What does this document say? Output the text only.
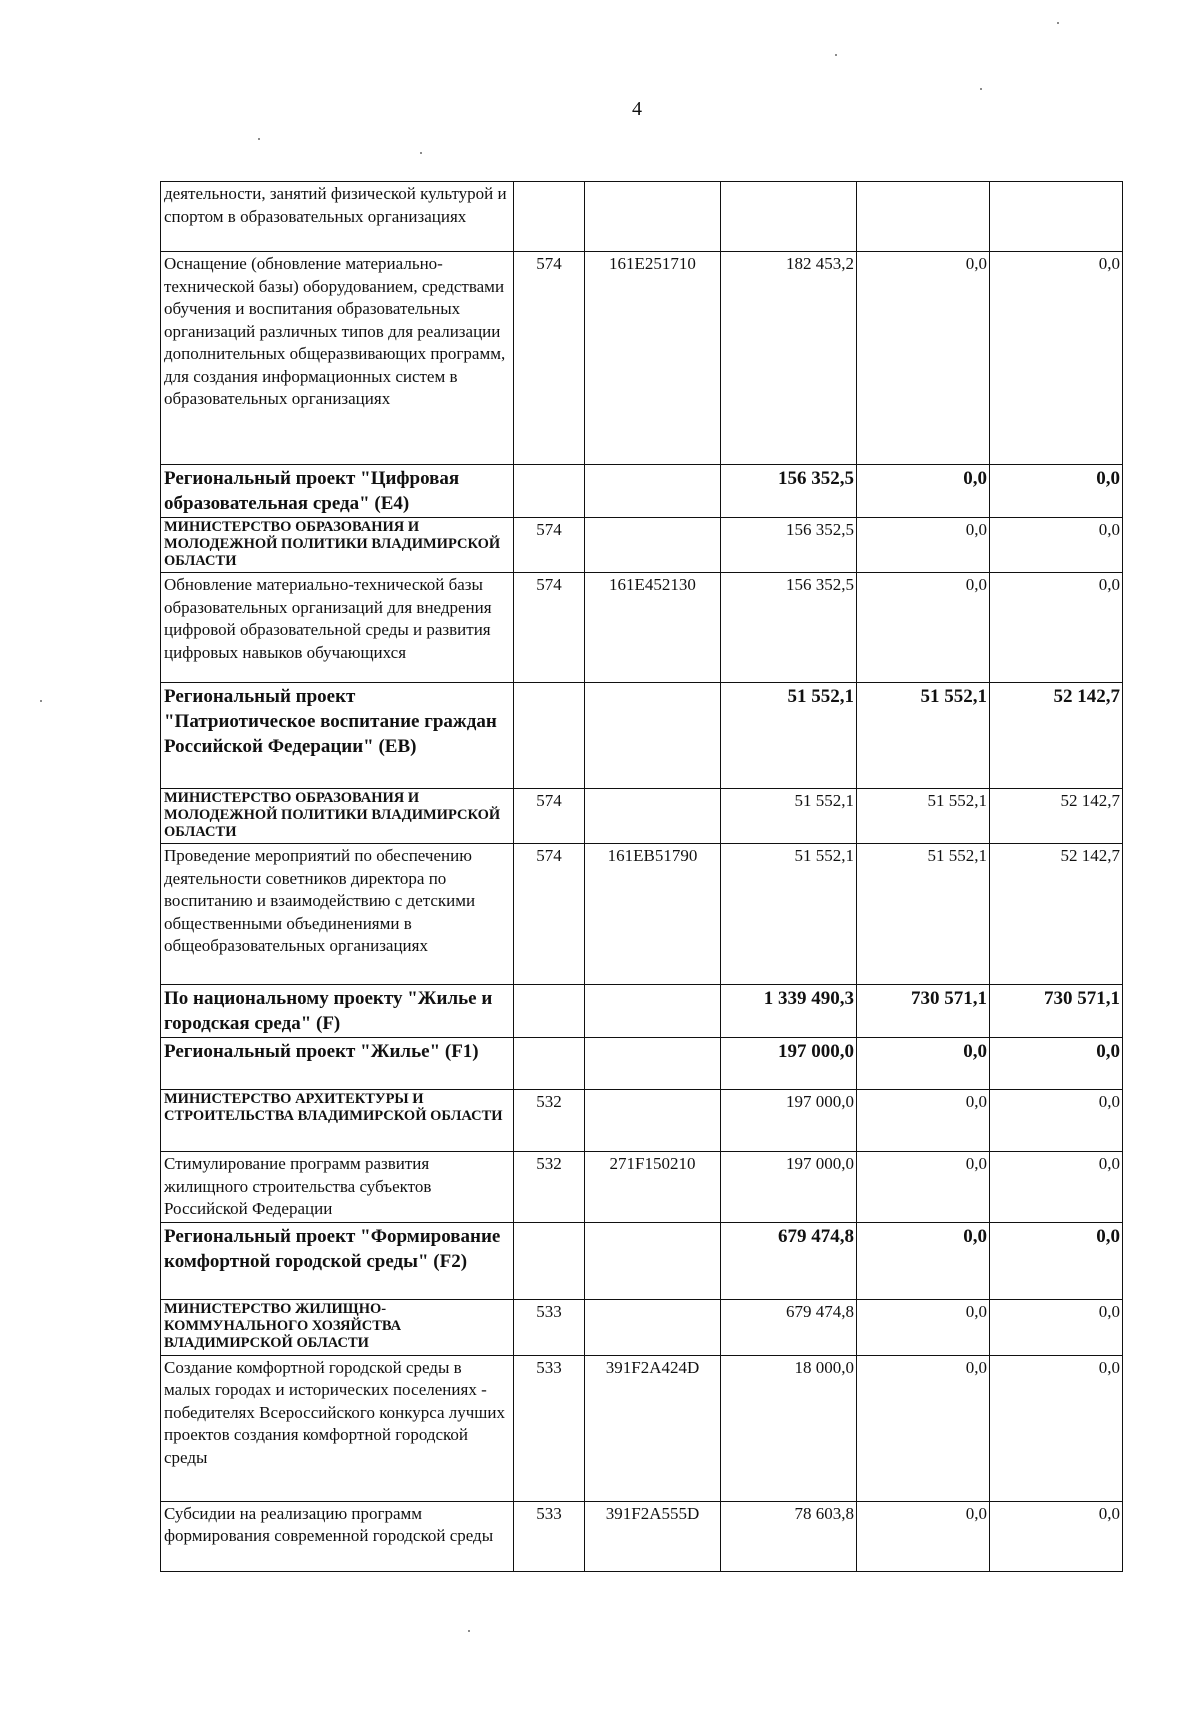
4
деятельности, занятий физической культурой и спортом в образовательных организациях					
Оснащение (обновление материально-технической базы) оборудованием, средствами обучения и воспитания образовательных организаций различных типов для реализации дополнительных общеразвивающих программ, для создания информационных систем в образовательных организациях	574	161E251710	182 453,2	0,0	0,0
Региональный проект "Цифровая образовательная среда" (E4)			156 352,5	0,0	0,0
МИНИСТЕРСТВО ОБРАЗОВАНИЯ И МОЛОДЕЖНОЙ ПОЛИТИКИ ВЛАДИМИРСКОЙ ОБЛАСТИ	574		156 352,5	0,0	0,0
Обновление материально-технической базы образовательных организаций для внедрения цифровой образовательной среды и развития цифровых навыков обучающихся	574	161E452130	156 352,5	0,0	0,0
Региональный проект "Патриотическое воспитание граждан Российской Федерации" (EB)			51 552,1	51 552,1	52 142,7
МИНИСТЕРСТВО ОБРАЗОВАНИЯ И МОЛОДЕЖНОЙ ПОЛИТИКИ ВЛАДИМИРСКОЙ ОБЛАСТИ	574		51 552,1	51 552,1	52 142,7
Проведение мероприятий по обеспечению деятельности советников директора по воспитанию и взаимодействию с детскими общественными объединениями в общеобразовательных организациях	574	161EB51790	51 552,1	51 552,1	52 142,7
По национальному проекту "Жилье и городская среда" (F)			1 339 490,3	730 571,1	730 571,1
Региональный проект "Жилье" (F1)			197 000,0	0,0	0,0
МИНИСТЕРСТВО АРХИТЕКТУРЫ И СТРОИТЕЛЬСТВА ВЛАДИМИРСКОЙ ОБЛАСТИ	532		197 000,0	0,0	0,0
Стимулирование программ развития жилищного строительства субъектов Российской Федерации	532	271F150210	197 000,0	0,0	0,0
Региональный проект "Формирование комфортной городской среды" (F2)			679 474,8	0,0	0,0
МИНИСТЕРСТВО ЖИЛИЩНО-КОММУНАЛЬНОГО ХОЗЯЙСТВА ВЛАДИМИРСКОЙ ОБЛАСТИ	533		679 474,8	0,0	0,0
Создание комфортной городской среды в малых городах и исторических поселениях - победителях Всероссийского конкурса лучших проектов создания комфортной городской среды	533	391F2A424D	18 000,0	0,0	0,0
Субсидии на реализацию программ формирования современной городской среды	533	391F2A555D	78 603,8	0,0	0,0
